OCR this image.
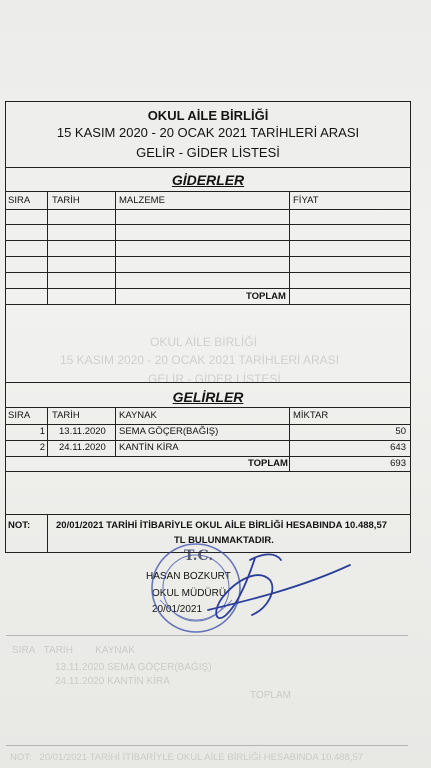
OKUL AİLE BİRLİĞİ
15 KASIM 2020 - 20 OCAK 2021 TARİHLERİ ARASI
GELİR - GİDER LİSTESİ
SIRA   TARİH        KAYNAK
13.11.2020 SEMA GÖÇER(BAĞIŞ)
24.11.2020 KANTİN KİRA
TOPLAM
NOT:   20/01/2021 TARİHİ İTİBARİYLE OKUL AİLE BİRLİĞİ HESABINDA 10.488,57
OKUL AİLE BİRLİĞİ
15 KASIM 2020 - 20 OCAK 2021 TARİHLERİ ARASI
GELİR - GİDER LİSTESİ
GİDERLER
SIRA TARİH	MALZEME	FİYAT
TOPLAM
GELİRLER
SIRA TARİH	KAYNAK	MİKTAR
1 13.11.2020 SEMA GÖÇER(BAĞIŞ)	50
2 24.11.2020 KANTİN KİRA	643
TOPLAM	693
NOT:	20/01/2021 TARİHİ İTİBARİYLE OKUL AİLE BİRLİĞİ HESABINDA 10.488,57
TL BULUNMAKTADIR.
HASAN BOZKURT
OKUL MÜDÜRÜ
20/01/2021
T.C.
